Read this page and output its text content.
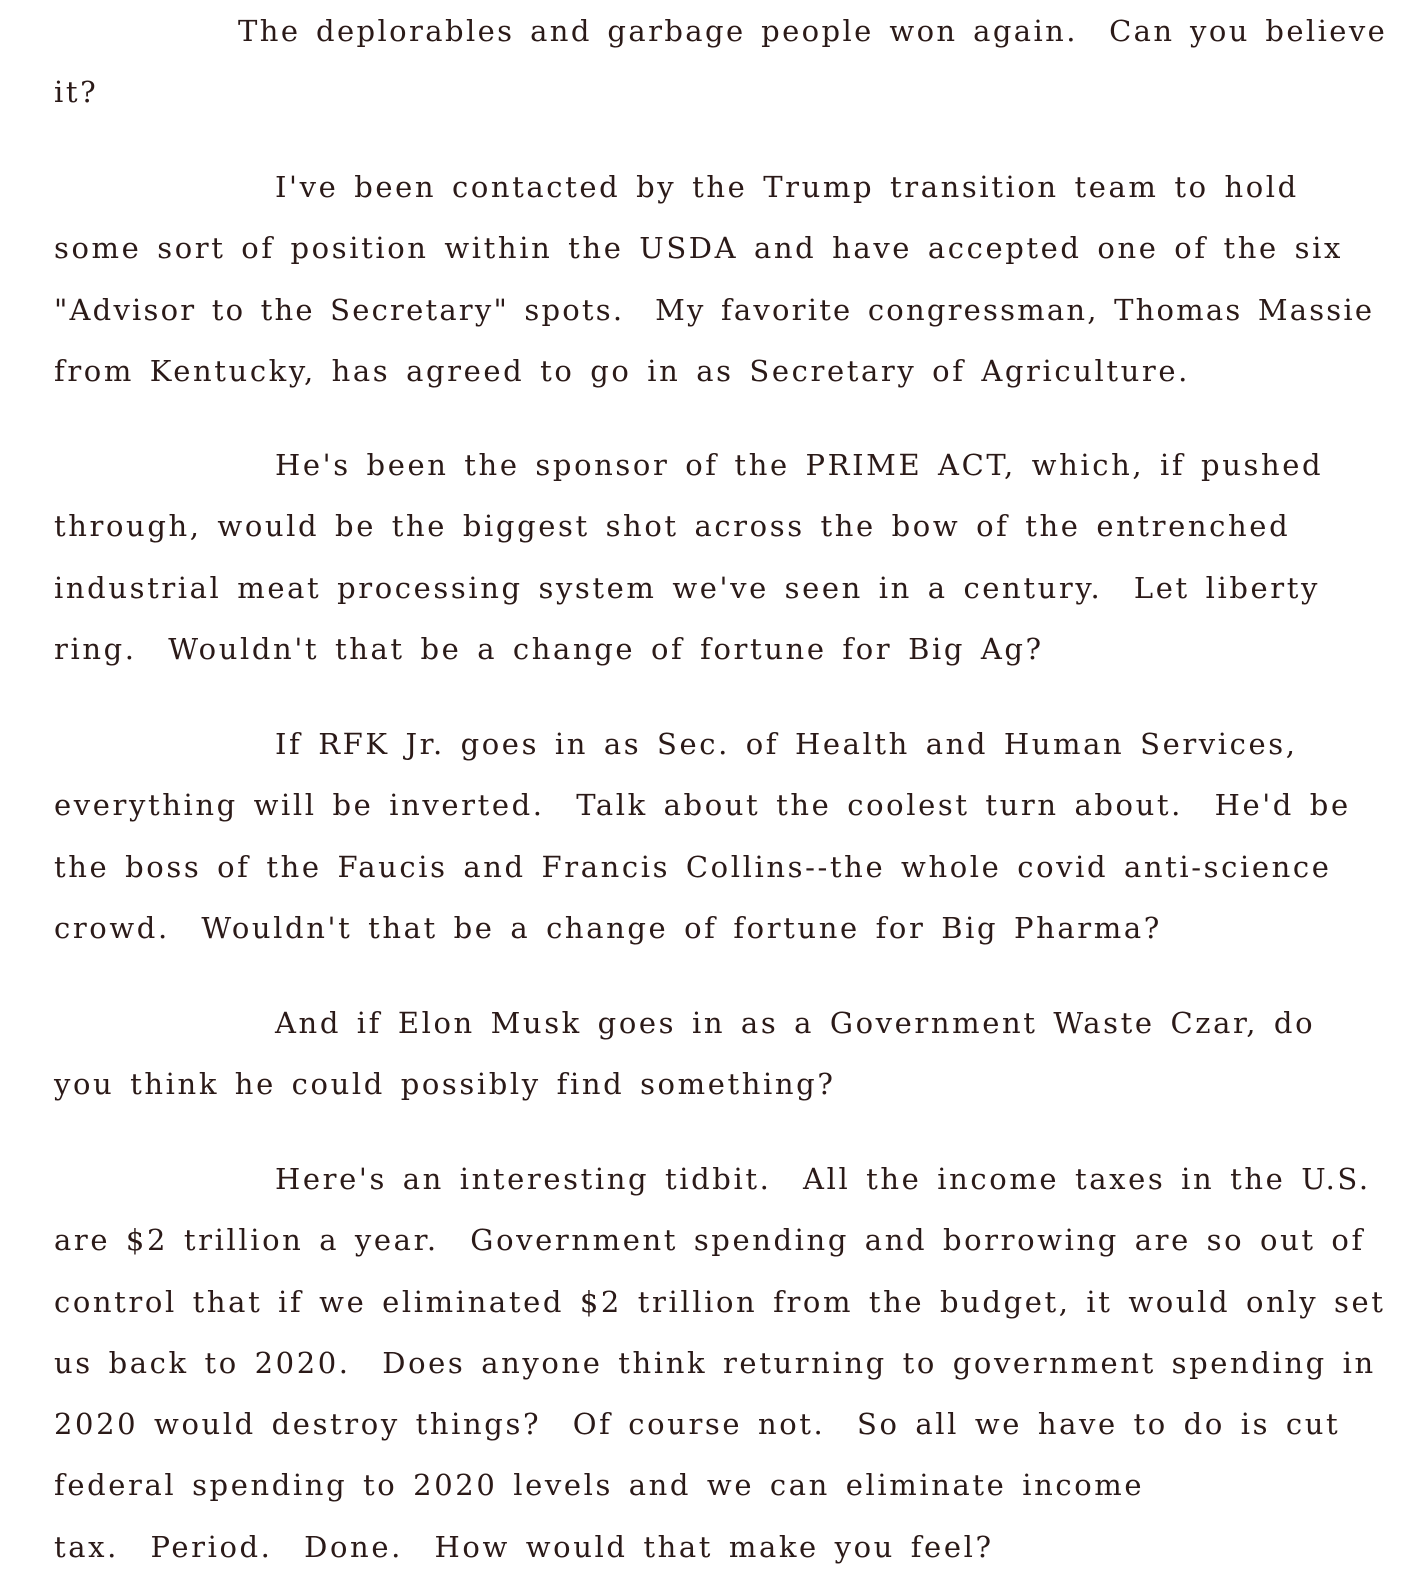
The deplorables and garbage people won again.  Can you believe
it?

I've been contacted by the Trump transition team to hold
some sort of position within the USDA and have accepted one of the six
"Advisor to the Secretary" spots.  My favorite congressman, Thomas Massie
from Kentucky, has agreed to go in as Secretary of Agriculture.

He's been the sponsor of the PRIME ACT, which, if pushed
through, would be the biggest shot across the bow of the entrenched
industrial meat processing system we've seen in a century.  Let liberty
ring.  Wouldn't that be a change of fortune for Big Ag?

If RFK Jr. goes in as Sec. of Health and Human Services,
everything will be inverted.  Talk about the coolest turn about.  He'd be
the boss of the Faucis and Francis Collins--the whole covid anti-science
crowd.  Wouldn't that be a change of fortune for Big Pharma?

And if Elon Musk goes in as a Government Waste Czar, do
you think he could possibly find something?

Here's an interesting tidbit.  All the income taxes in the U.S.
are $2 trillion a year.  Government spending and borrowing are so out of
control that if we eliminated $2 trillion from the budget, it would only set
us back to 2020.  Does anyone think returning to government spending in
2020 would destroy things?  Of course not.  So all we have to do is cut
federal spending to 2020 levels and we can eliminate income
tax.  Period.  Done.  How would that make you feel?
